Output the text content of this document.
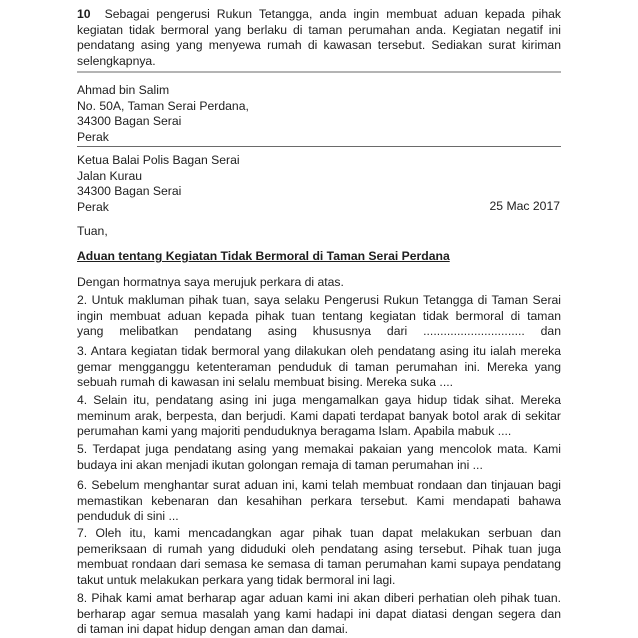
10 Sebagai pengerusi Rukun Tetangga, anda ingin membuat aduan kepada pihak
kegiatan tidak bermoral yang berlaku di taman perumahan anda. Kegiatan negatif ini
pendatang asing yang menyewa rumah di kawasan tersebut. Sediakan surat kiriman
selengkapnya.
Ahmad bin Salim
No. 50A, Taman Serai Perdana,
34300 Bagan Serai
Perak
Ketua Balai Polis Bagan Serai
Jalan Kurau
34300 Bagan Serai
Perak	25 Mac 2017
Tuan,
Aduan tentang Kegiatan Tidak Bermoral di Taman Serai Perdana
Dengan hormatnya saya merujuk perkara di atas.
2. Untuk makluman pihak tuan, saya selaku Pengerusi Rukun Tetangga di Taman Serai
ingin membuat aduan kepada pihak tuan tentang kegiatan tidak bermoral di taman
yang melibatkan pendatang asing khususnya dari .............................. dan
3. Antara kegiatan tidak bermoral yang dilakukan oleh pendatang asing itu ialah mereka
gemar mengganggu ketenteraman penduduk di taman perumahan ini. Mereka yang
sebuah rumah di kawasan ini selalu membuat bising. Mereka suka ....
4. Selain itu, pendatang asing ini juga mengamalkan gaya hidup tidak sihat. Mereka
meminum arak, berpesta, dan berjudi. Kami dapati terdapat banyak botol arak di sekitar
perumahan kami yang majoriti penduduknya beragama Islam. Apabila mabuk ....
5. Terdapat juga pendatang asing yang memakai pakaian yang mencolok mata. Kami
budaya ini akan menjadi ikutan golongan remaja di taman perumahan ini ...
6. Sebelum menghantar surat aduan ini, kami telah membuat rondaan dan tinjauan bagi
memastikan kebenaran dan kesahihan perkara tersebut. Kami mendapati bahawa
penduduk di sini ...
7. Oleh itu, kami mencadangkan agar pihak tuan dapat melakukan serbuan dan
pemeriksaan di rumah yang diduduki oleh pendatang asing tersebut. Pihak tuan juga
membuat rondaan dari semasa ke semasa di taman perumahan kami supaya pendatang
takut untuk melakukan perkara yang tidak bermoral ini lagi.
8. Pihak kami amat berharap agar aduan kami ini akan diberi perhatian oleh pihak tuan.
berharap agar semua masalah yang kami hadapi ini dapat diatasi dengan segera dan
di taman ini dapat hidup dengan aman dan damai.
